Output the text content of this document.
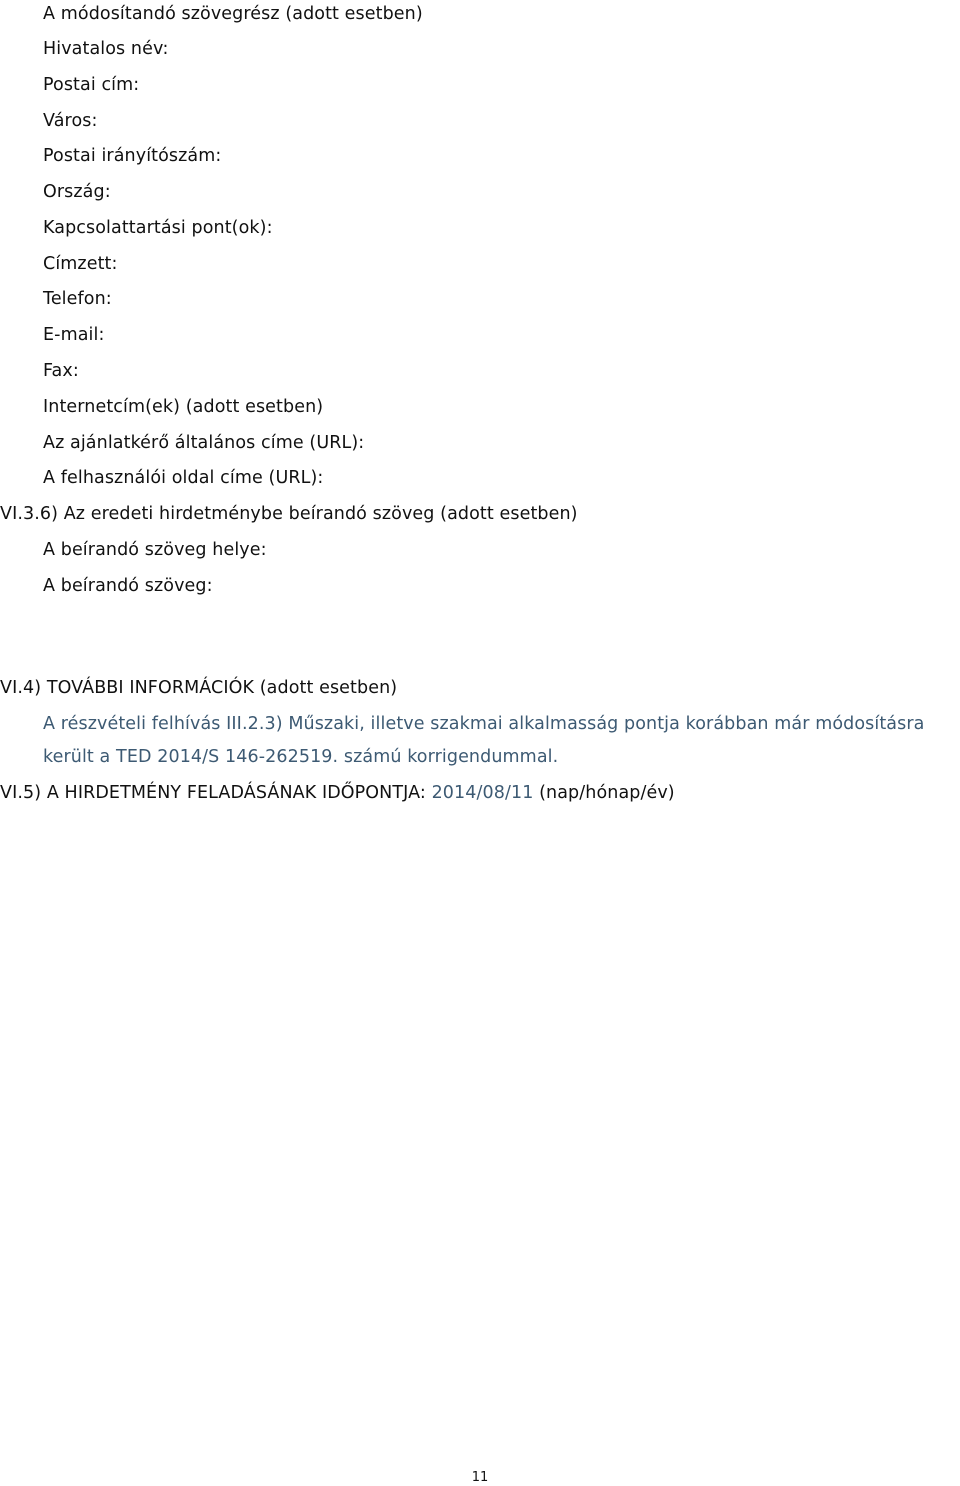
A módosítandó szövegrész (adott esetben)
Hivatalos név:
Postai cím:
Város:
Postai irányítószám:
Ország:
Kapcsolattartási pont(ok):
Címzett:
Telefon:
E-mail:
Fax:
Internetcím(ek) (adott esetben)
Az ajánlatkérő általános címe (URL):
A felhasználói oldal címe (URL):
VI.3.6) Az eredeti hirdetménybe beírandó szöveg (adott esetben)
A beírandó szöveg helye:
A beírandó szöveg:
VI.4) TOVÁBBI INFORMÁCIÓK (adott esetben)
A részvételi felhívás III.2.3) Műszaki, illetve szakmai alkalmasság pontja korábban már módosításra
került a TED 2014/S 146-262519. számú korrigendummal.
VI.5) A HIRDETMÉNY FELADÁSÁNAK IDŐPONTJA: 2014/08/11 (nap/hónap/év)
11
